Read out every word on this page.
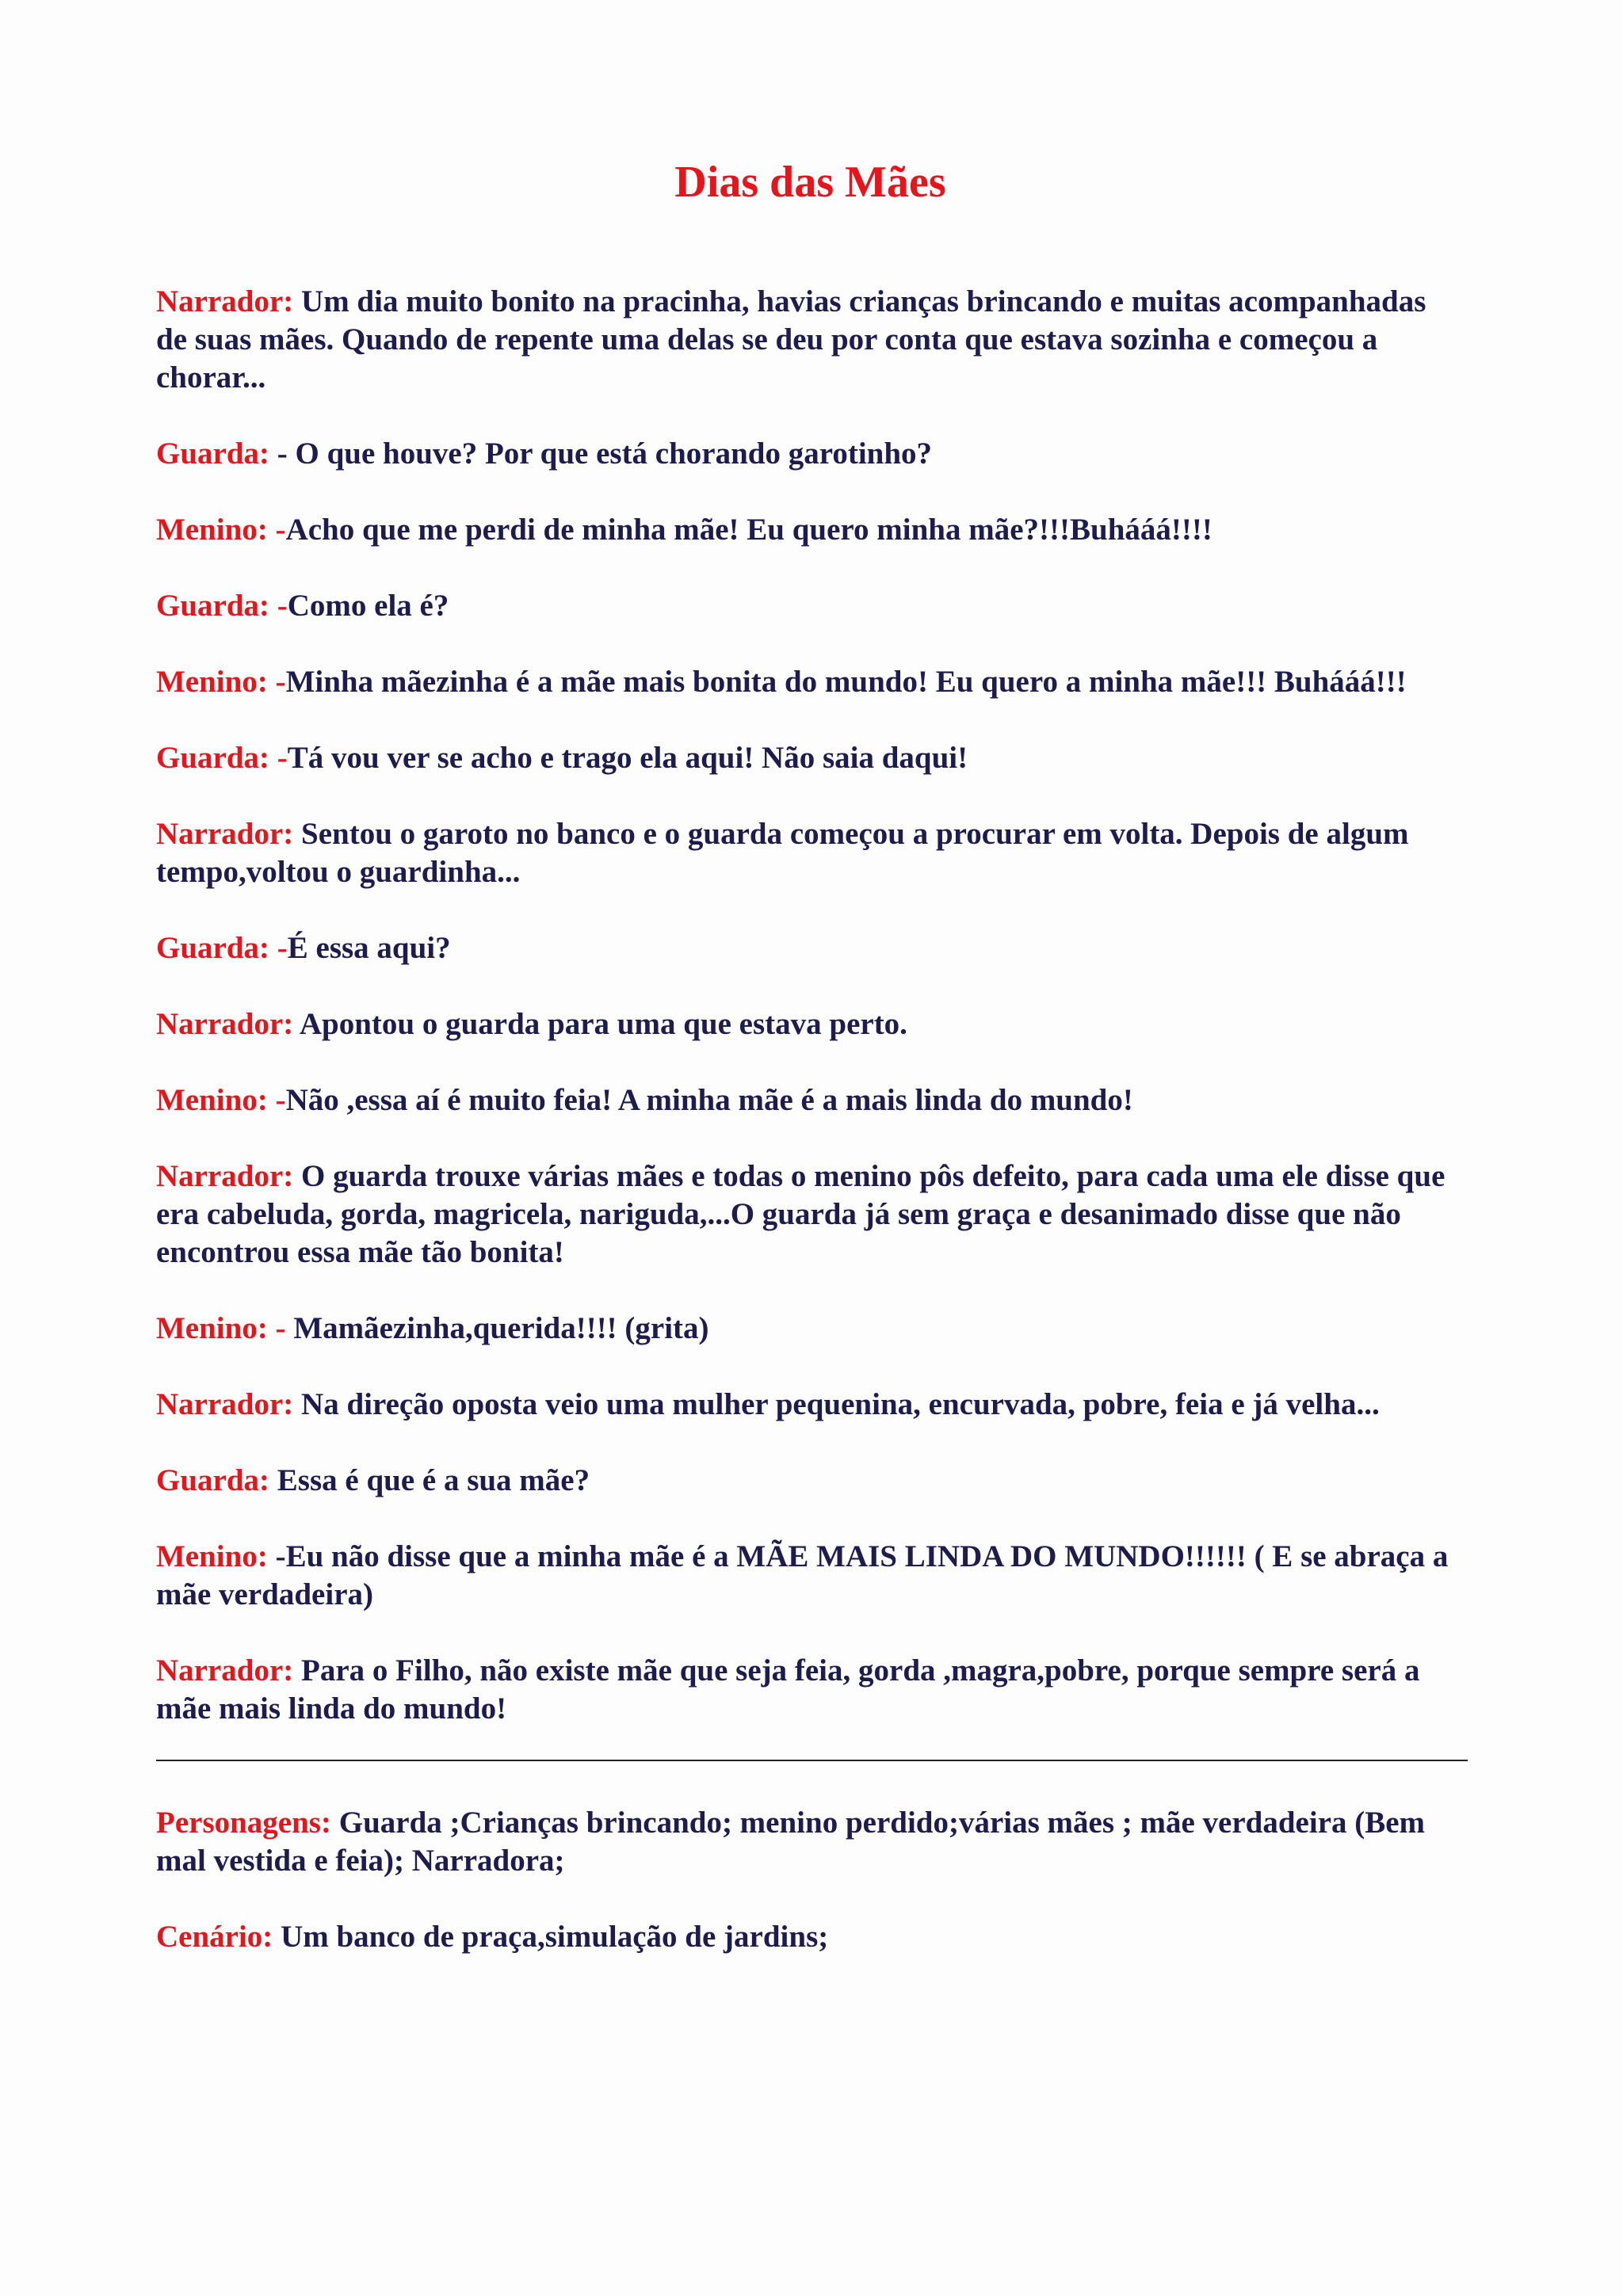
Dias das Mães

Narrador: Um dia muito bonito na pracinha, havias crianças brincando e muitas acompanhadas de suas mães. Quando de repente uma delas se deu por conta que estava sozinha e começou a chorar...

Guarda: - O que houve? Por que está chorando garotinho?

Menino: -Acho que me perdi de minha mãe! Eu quero minha mãe?!!!Buhááá!!!!

Guarda: -Como ela é?

Menino: -Minha mãezinha é a mãe mais bonita do mundo! Eu quero a minha mãe!!! Buhááá!!!

Guarda: -Tá vou ver se acho e trago ela aqui! Não saia daqui!

Narrador: Sentou o garoto no banco e o guarda começou a procurar em volta. Depois de algum tempo,voltou o guardinha...

Guarda: -É essa aqui?

Narrador: Apontou o guarda para uma que estava perto.

Menino: -Não ,essa aí é muito feia! A minha mãe é a mais linda do mundo!

Narrador: O guarda trouxe várias mães e todas o menino pôs defeito, para cada uma ele disse que era cabeluda, gorda, magricela, nariguda,...O guarda já sem graça e desanimado disse que não encontrou essa mãe tão bonita!

Menino: - Mamãezinha,querida!!!! (grita)

Narrador: Na direção oposta veio uma mulher pequenina, encurvada, pobre, feia e já velha...

Guarda: Essa é que é a sua mãe?

Menino: -Eu não disse que a minha mãe é a MÃE MAIS LINDA DO MUNDO!!!!!! ( E se abraça a mãe verdadeira)

Narrador: Para o Filho, não existe mãe que seja feia, gorda ,magra,pobre, porque sempre será a mãe mais linda do mundo!

Personagens: Guarda ;Crianças brincando; menino perdido;várias mães ; mãe verdadeira (Bem mal vestida e feia); Narradora;

Cenário: Um banco de praça,simulação de jardins;
